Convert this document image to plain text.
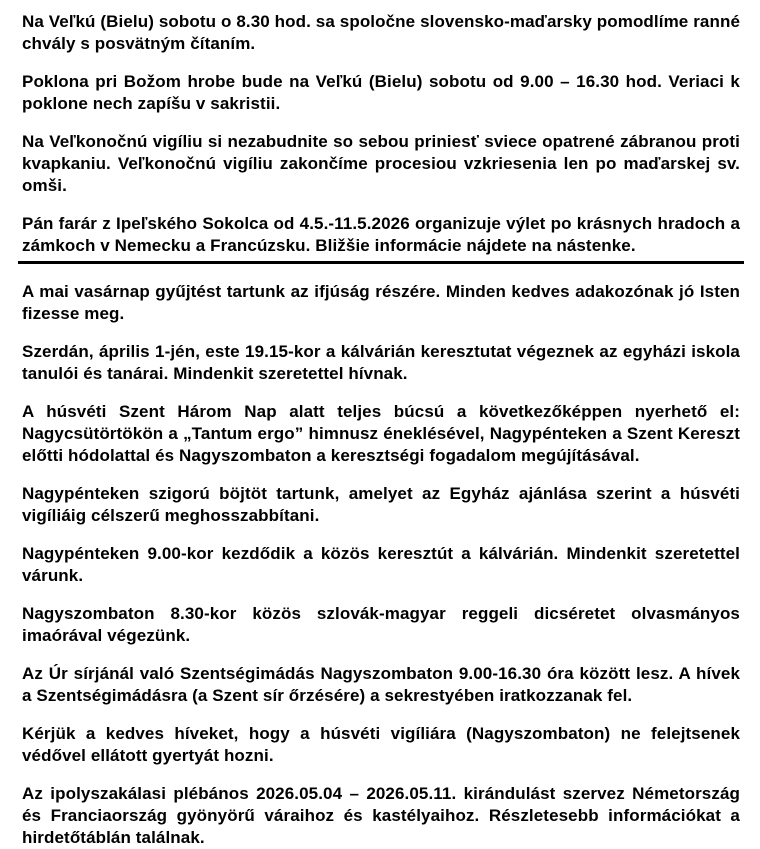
Na Veľkú (Bielu) sobotu o 8.30 hod. sa spoločne slovensko-maďarsky pomodlíme ranné chvály s posvätným čítaním.

Poklona pri Božom hrobe bude na Veľkú (Bielu) sobotu od 9.00 – 16.30 hod. Veriaci k poklone nech zapíšu v sakristii.

Na Veľkonočnú vigíliu si nezabudnite so sebou priniesť sviece opatrené zábranou proti kvapkaniu. Veľkonočnú vigíliu zakončíme procesiou vzkriesenia len po maďarskej sv. omši.

Pán farár z Ipeľského Sokolca od 4.5.-11.5.2026 organizuje výlet po krásnych hradoch a zámkoch v Nemecku a Francúzsku. Bližšie informácie nájdete na nástenke.

A mai vasárnap gyűjtést tartunk az ifjúság részére. Minden kedves adakozónak jó Isten fizesse meg.

Szerdán, április 1-jén, este 19.15-kor a kálvárián keresztutat végeznek az egyházi iskola tanulói és tanárai. Mindenkit szeretettel hívnak.

A húsvéti Szent Három Nap alatt teljes búcsú a következőképpen nyerhető el: Nagycsütörtökön a „Tantum ergo” himnusz éneklésével, Nagypénteken a Szent Kereszt előtti hódolattal és Nagyszombaton a keresztségi fogadalom megújításával.

Nagypénteken szigorú böjtöt tartunk, amelyet az Egyház ajánlása szerint a húsvéti vigíliáig célszerű meghosszabbítani.

Nagypénteken 9.00-kor kezdődik a közös keresztút a kálvárián. Mindenkit szeretettel várunk.

Nagyszombaton 8.30-kor közös szlovák-magyar reggeli dicséretet olvasmányos imaórával végezünk.

Az Úr sírjánál való Szentségimádás Nagyszombaton 9.00-16.30 óra között lesz. A hívek a Szentségimádásra (a Szent sír őrzésére) a sekrestyében iratkozzanak fel.

Kérjük a kedves híveket, hogy a húsvéti vigíliára (Nagyszombaton) ne felejtsenek védővel ellátott gyertyát hozni.

Az ipolyszakálasi plébános 2026.05.04 – 2026.05.11. kirándulást szervez Németország és Franciaország gyönyörű váraihoz és kastélyaihoz. Részletesebb információkat a hirdetőtáblán találnak.
